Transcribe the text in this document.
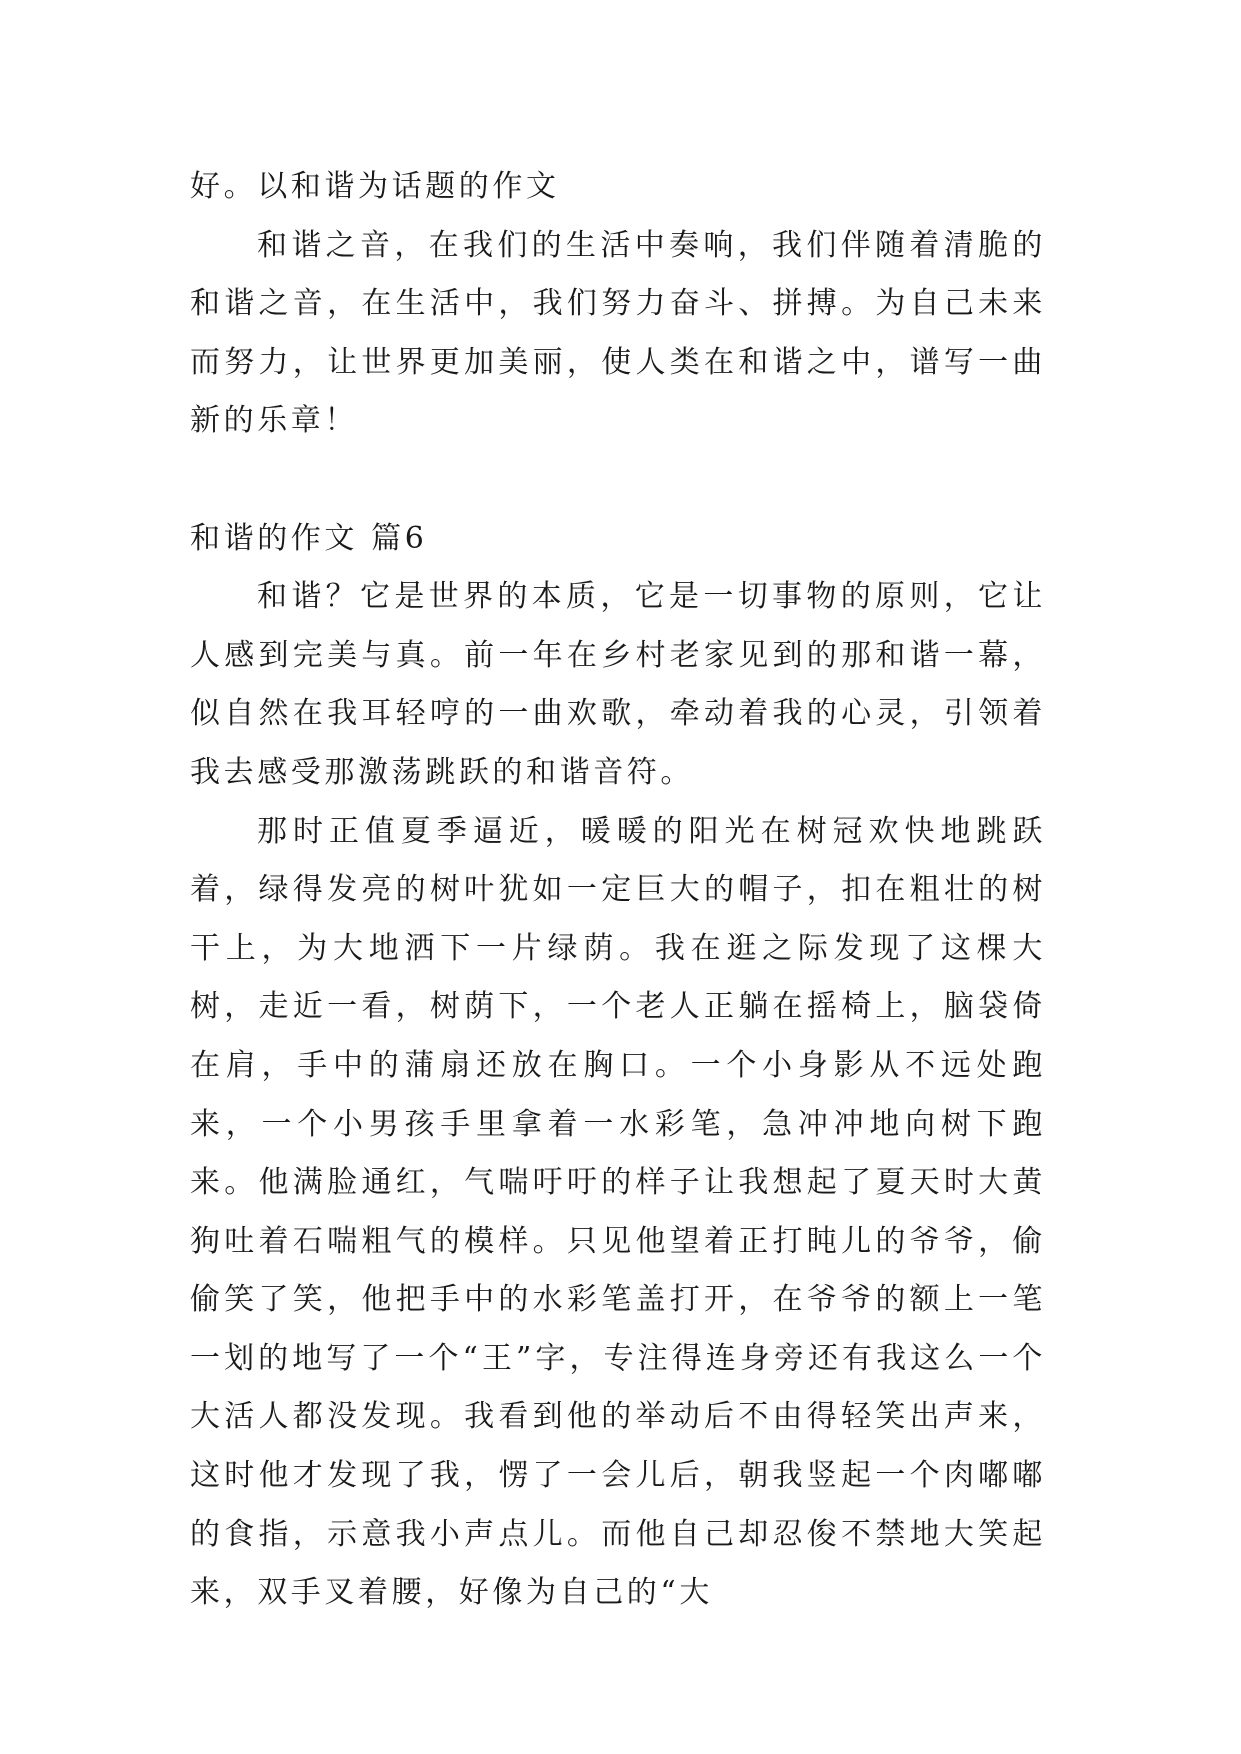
好。以和谐为话题的作文

和谐之音，在我们的生活中奏响，我们伴随着清脆的和谐之音，在生活中，我们努力奋斗、拼搏。为自己未来而努力，让世界更加美丽，使人类在和谐之中，谱写一曲新的乐章！

和谐的作文 篇6

和谐？它是世界的本质，它是一切事物的原则，它让人感到完美与真。前一年在乡村老家见到的那和谐一幕，似自然在我耳轻哼的一曲欢歌，牵动着我的心灵，引领着我去感受那激荡跳跃的和谐音符。

那时正值夏季逼近，暖暖的阳光在树冠欢快地跳跃着，绿得发亮的树叶犹如一定巨大的帽子，扣在粗壮的树干上，为大地洒下一片绿荫。我在逛之际发现了这棵大树，走近一看，树荫下，一个老人正躺在摇椅上，脑袋倚在肩，手中的蒲扇还放在胸口。一个小身影从不远处跑来，一个小男孩手里拿着一水彩笔，急冲冲地向树下跑来。他满脸通红，气喘吁吁的样子让我想起了夏天时大黄狗吐着石喘粗气的模样。只见他望着正打盹儿的爷爷，偷偷笑了笑，他把手中的水彩笔盖打开，在爷爷的额上一笔一划的地写了一个“王”字，专注得连身旁还有我这么一个大活人都没发现。我看到他的举动后不由得轻笑出声来，这时他才发现了我，愣了一会儿后，朝我竖起一个肉嘟嘟的食指，示意我小声点儿。而他自己却忍俊不禁地大笑起来，双手叉着腰，好像为自己的“大
